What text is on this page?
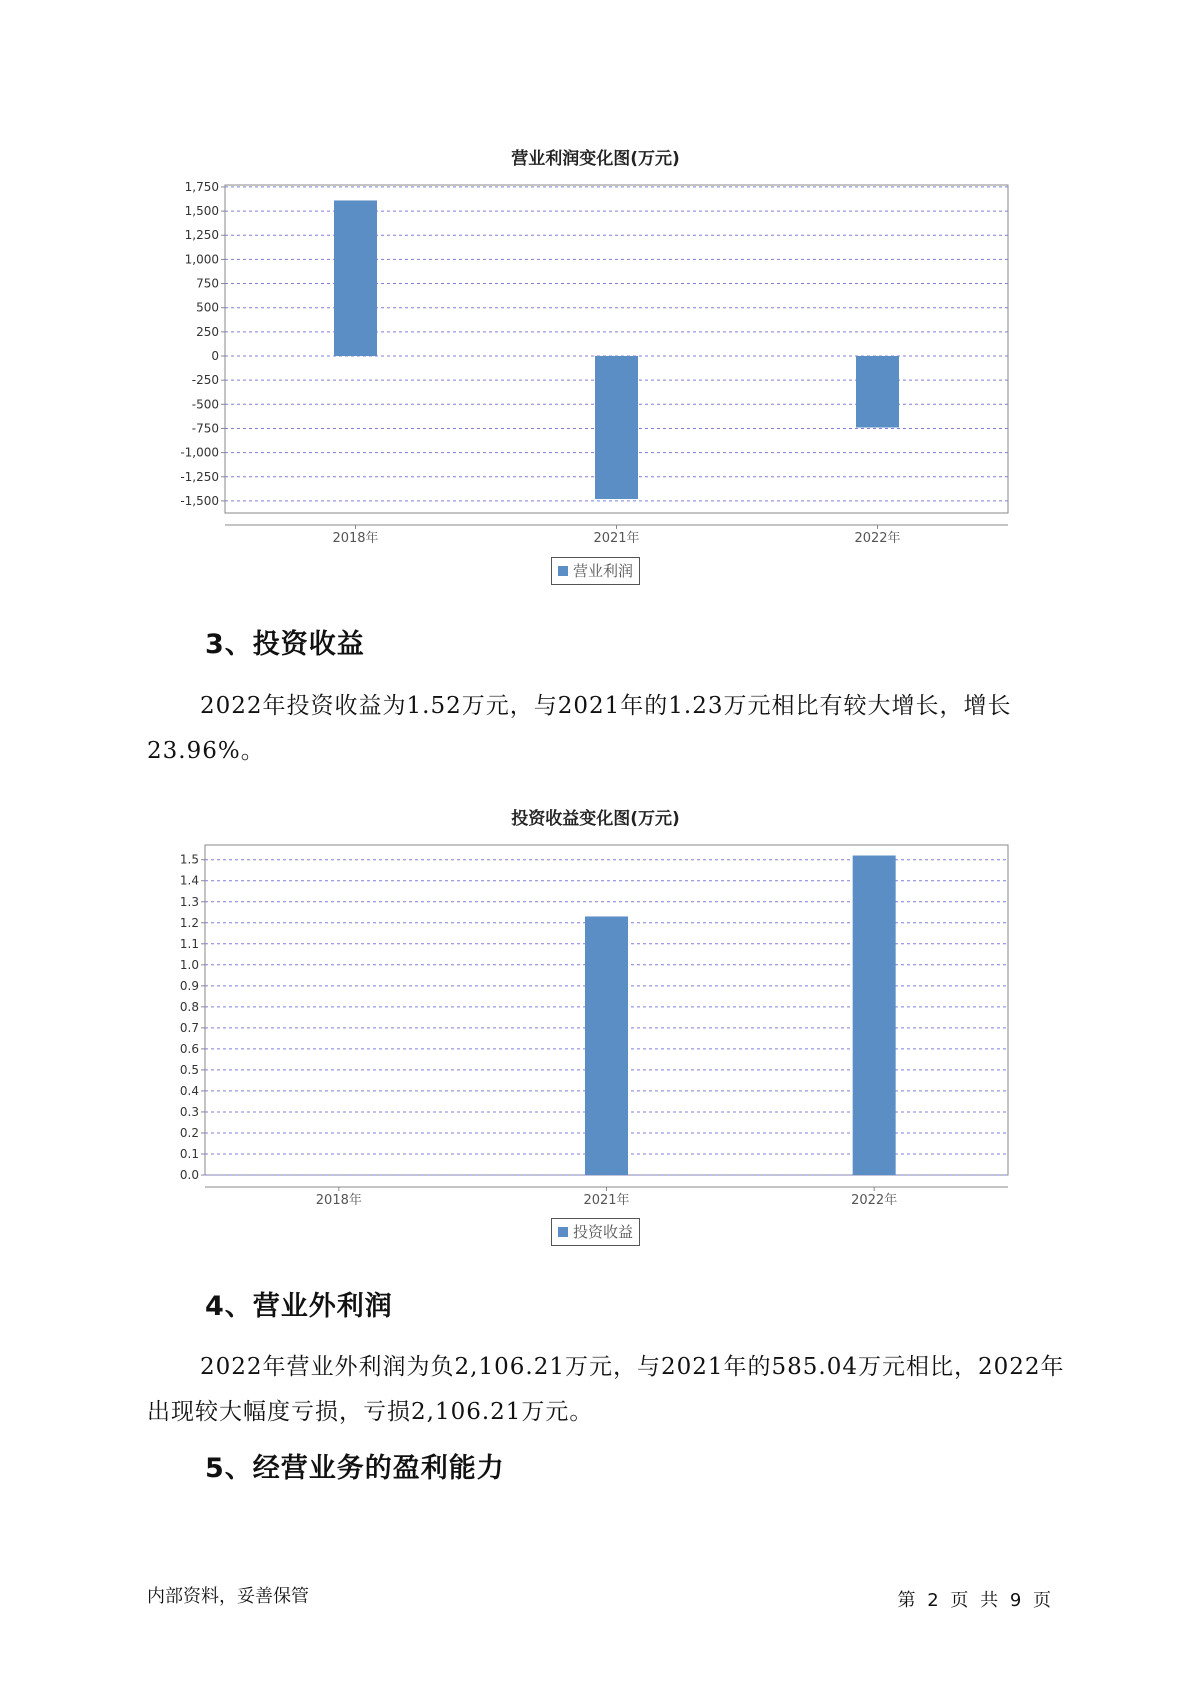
营业利润变化图(万元)
1,750
1,500
1,250
1,000
750
500
250
0
-250
-500
-750
-1,000
-1,250
-1,500
2018年	2021年	2022年
营业利润
3、投资收益

2022年投资收益为1.52万元，与2021年的1.23万元相比有较大增长，增长23.96%。

投资收益变化图(万元)
1.5
1.4
1.3
1.2
1.1
1.0
0.9
0.8
0.7
0.6
0.5
0.4
0.3
0.2
0.1
0.0
2018年	2021年	2022年
投资收益
4、营业外利润

2022年营业外利润为负2,106.21万元，与2021年的585.04万元相比，2022年出现较大幅度亏损，亏损2,106.21万元。

5、经营业务的盈利能力
内部资料，妥善保管	第 2 页 共 9 页
